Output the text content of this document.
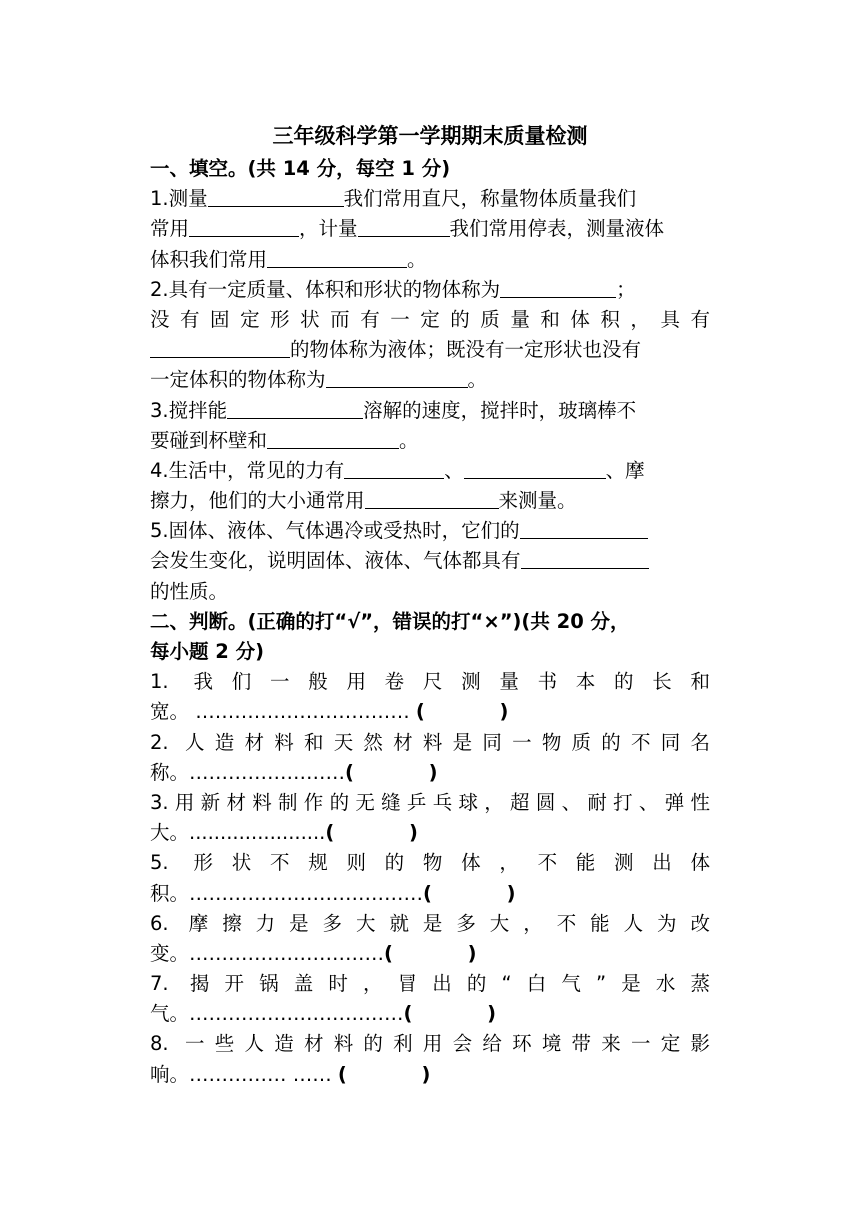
三年级科学第一学期期末质量检测
一、填空。(共 14 分，每空 1 分)
1.测量	我们常用直尺，称量物体质量我们
常用	，计量	我们常用停表，测量液体
体积我们常用	。
2.具有一定质量、体积和形状的物体称为	；
没有固定形状而有一定的质量和体积，具有
的物体称为液体；既没有一定形状也没有
一定体积的物体称为	。
3.搅拌能	溶解的速度，搅拌时，玻璃棒不
要碰到杯壁和	。
4.生活中，常见的力有	、	、摩
擦力，他们的大小通常用	来测量。
5.固体、液体、气体遇冷或受热时，它们的
会发生变化，说明固体、液体、气体都具有
的性质。
二、判断。(正确的打“√”，错误的打“×”)(共 20 分，
每小题 2 分)
1. 我们一般用卷尺测量书本的长和
宽。 …………………………… (           )
2. 人造材料和天然材料是同一物质的不同名
称。……………………(           )
3.用新材料制作的无缝乒乓球，超圆、耐打、弹性
大。......................(           )
5. 形状不规则的物体，不能测出体
积。………………………………(           )
6. 摩擦力是多大就是多大，不能人为改
变。…………………………(           )
7. 揭开锅盖时，冒出的“白气”是水蒸
气。……………………………(           )
8. 一些人造材料的利用会给环境带来一定影
响。…………… …… (           )
